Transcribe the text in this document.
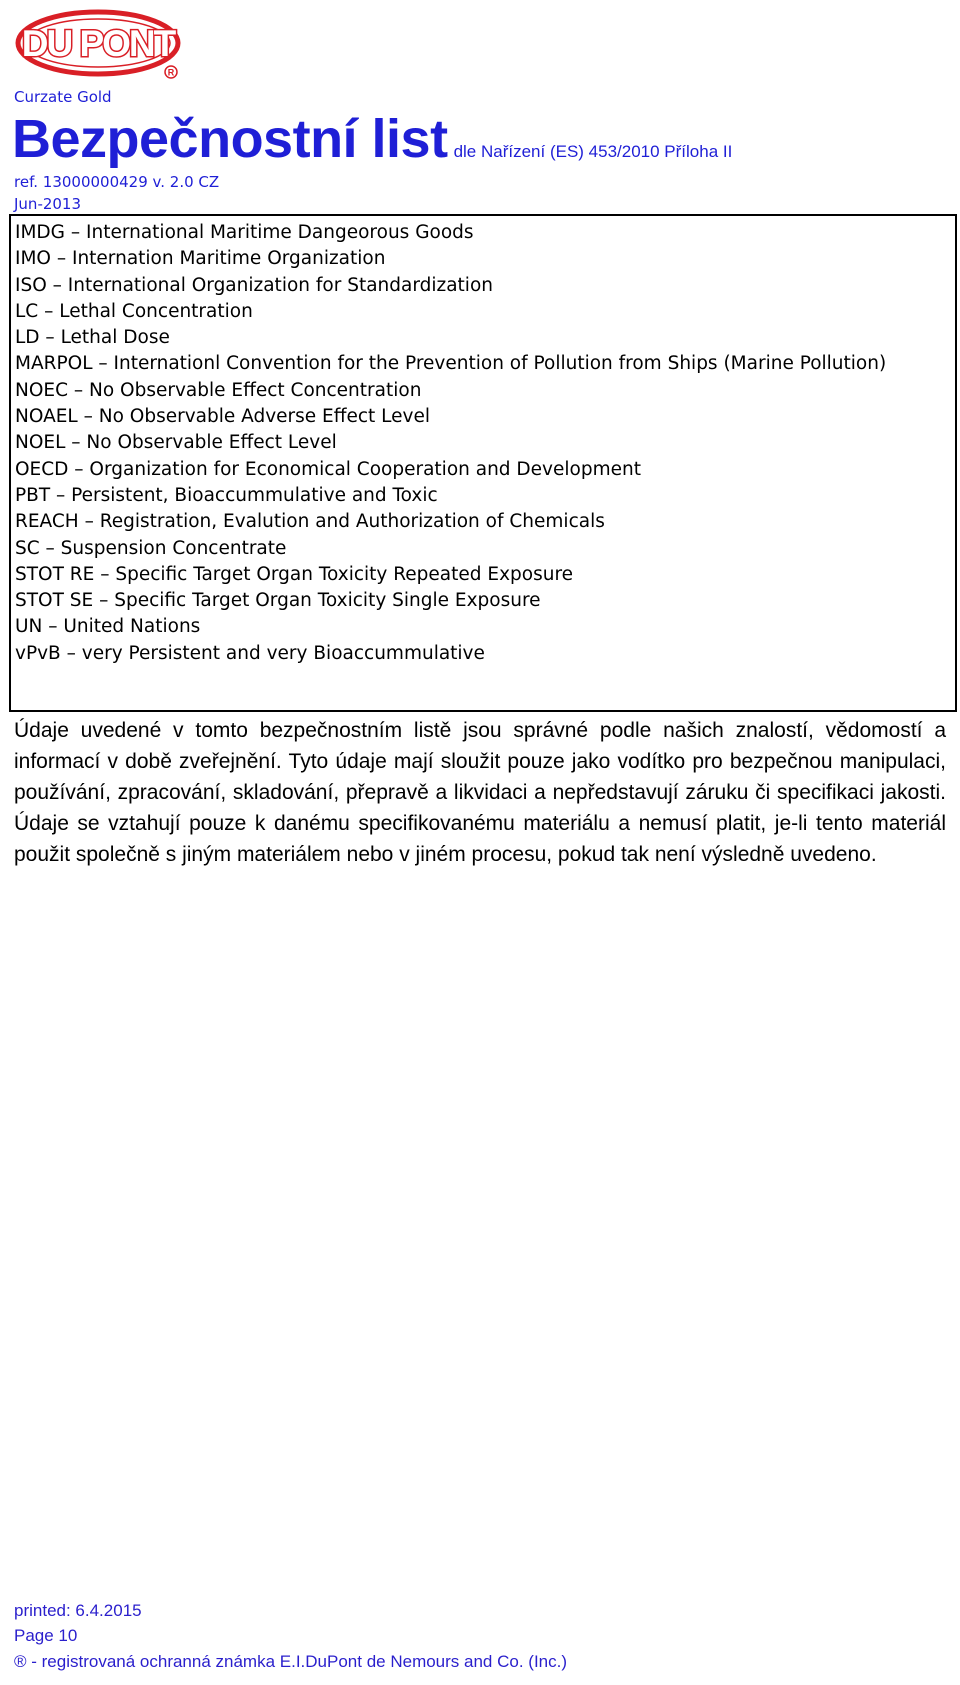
DU PONT
R
Curzate Gold
Bezpečnostní list dle Nařízení (ES) 453/2010 Příloha II
ref. 13000000429 v. 2.0 CZ
Jun-2013
IMDG – International Maritime Dangeorous Goods
IMO – Internation Maritime Organization
ISO – International Organization for Standardization
LC – Lethal Concentration
LD – Lethal Dose
MARPOL – Internationl Convention for the Prevention of Pollution from Ships (Marine Pollution)
NOEC – No Observable Effect Concentration
NOAEL – No Observable Adverse Effect Level
NOEL – No Observable Effect Level
OECD – Organization for Economical Cooperation and Development
PBT – Persistent, Bioaccummulative and Toxic
REACH – Registration, Evalution and Authorization of Chemicals
SC – Suspension Concentrate
STOT RE – Specific Target Organ Toxicity Repeated Exposure
STOT SE – Specific Target Organ Toxicity Single Exposure
UN – United Nations
vPvB – very Persistent and very Bioaccummulative
Údaje uvedené v tomto bezpečnostním listě jsou správné podle našich znalostí, vědomostí a informací v době zveřejnění. Tyto údaje mají sloužit pouze jako vodítko pro bezpečnou manipulaci, používání, zpracování, skladování, přepravě a likvidaci a nepředstavují záruku či specifikaci jakosti. Údaje se vztahují pouze k danému specifikovanému materiálu a nemusí platit, je-li tento materiál použit společně s jiným materiálem nebo v jiném procesu, pokud tak není výsledně uvedeno.
printed: 6.4.2015
Page 10
® - registrovaná ochranná známka E.I.DuPont de Nemours and Co. (Inc.)
